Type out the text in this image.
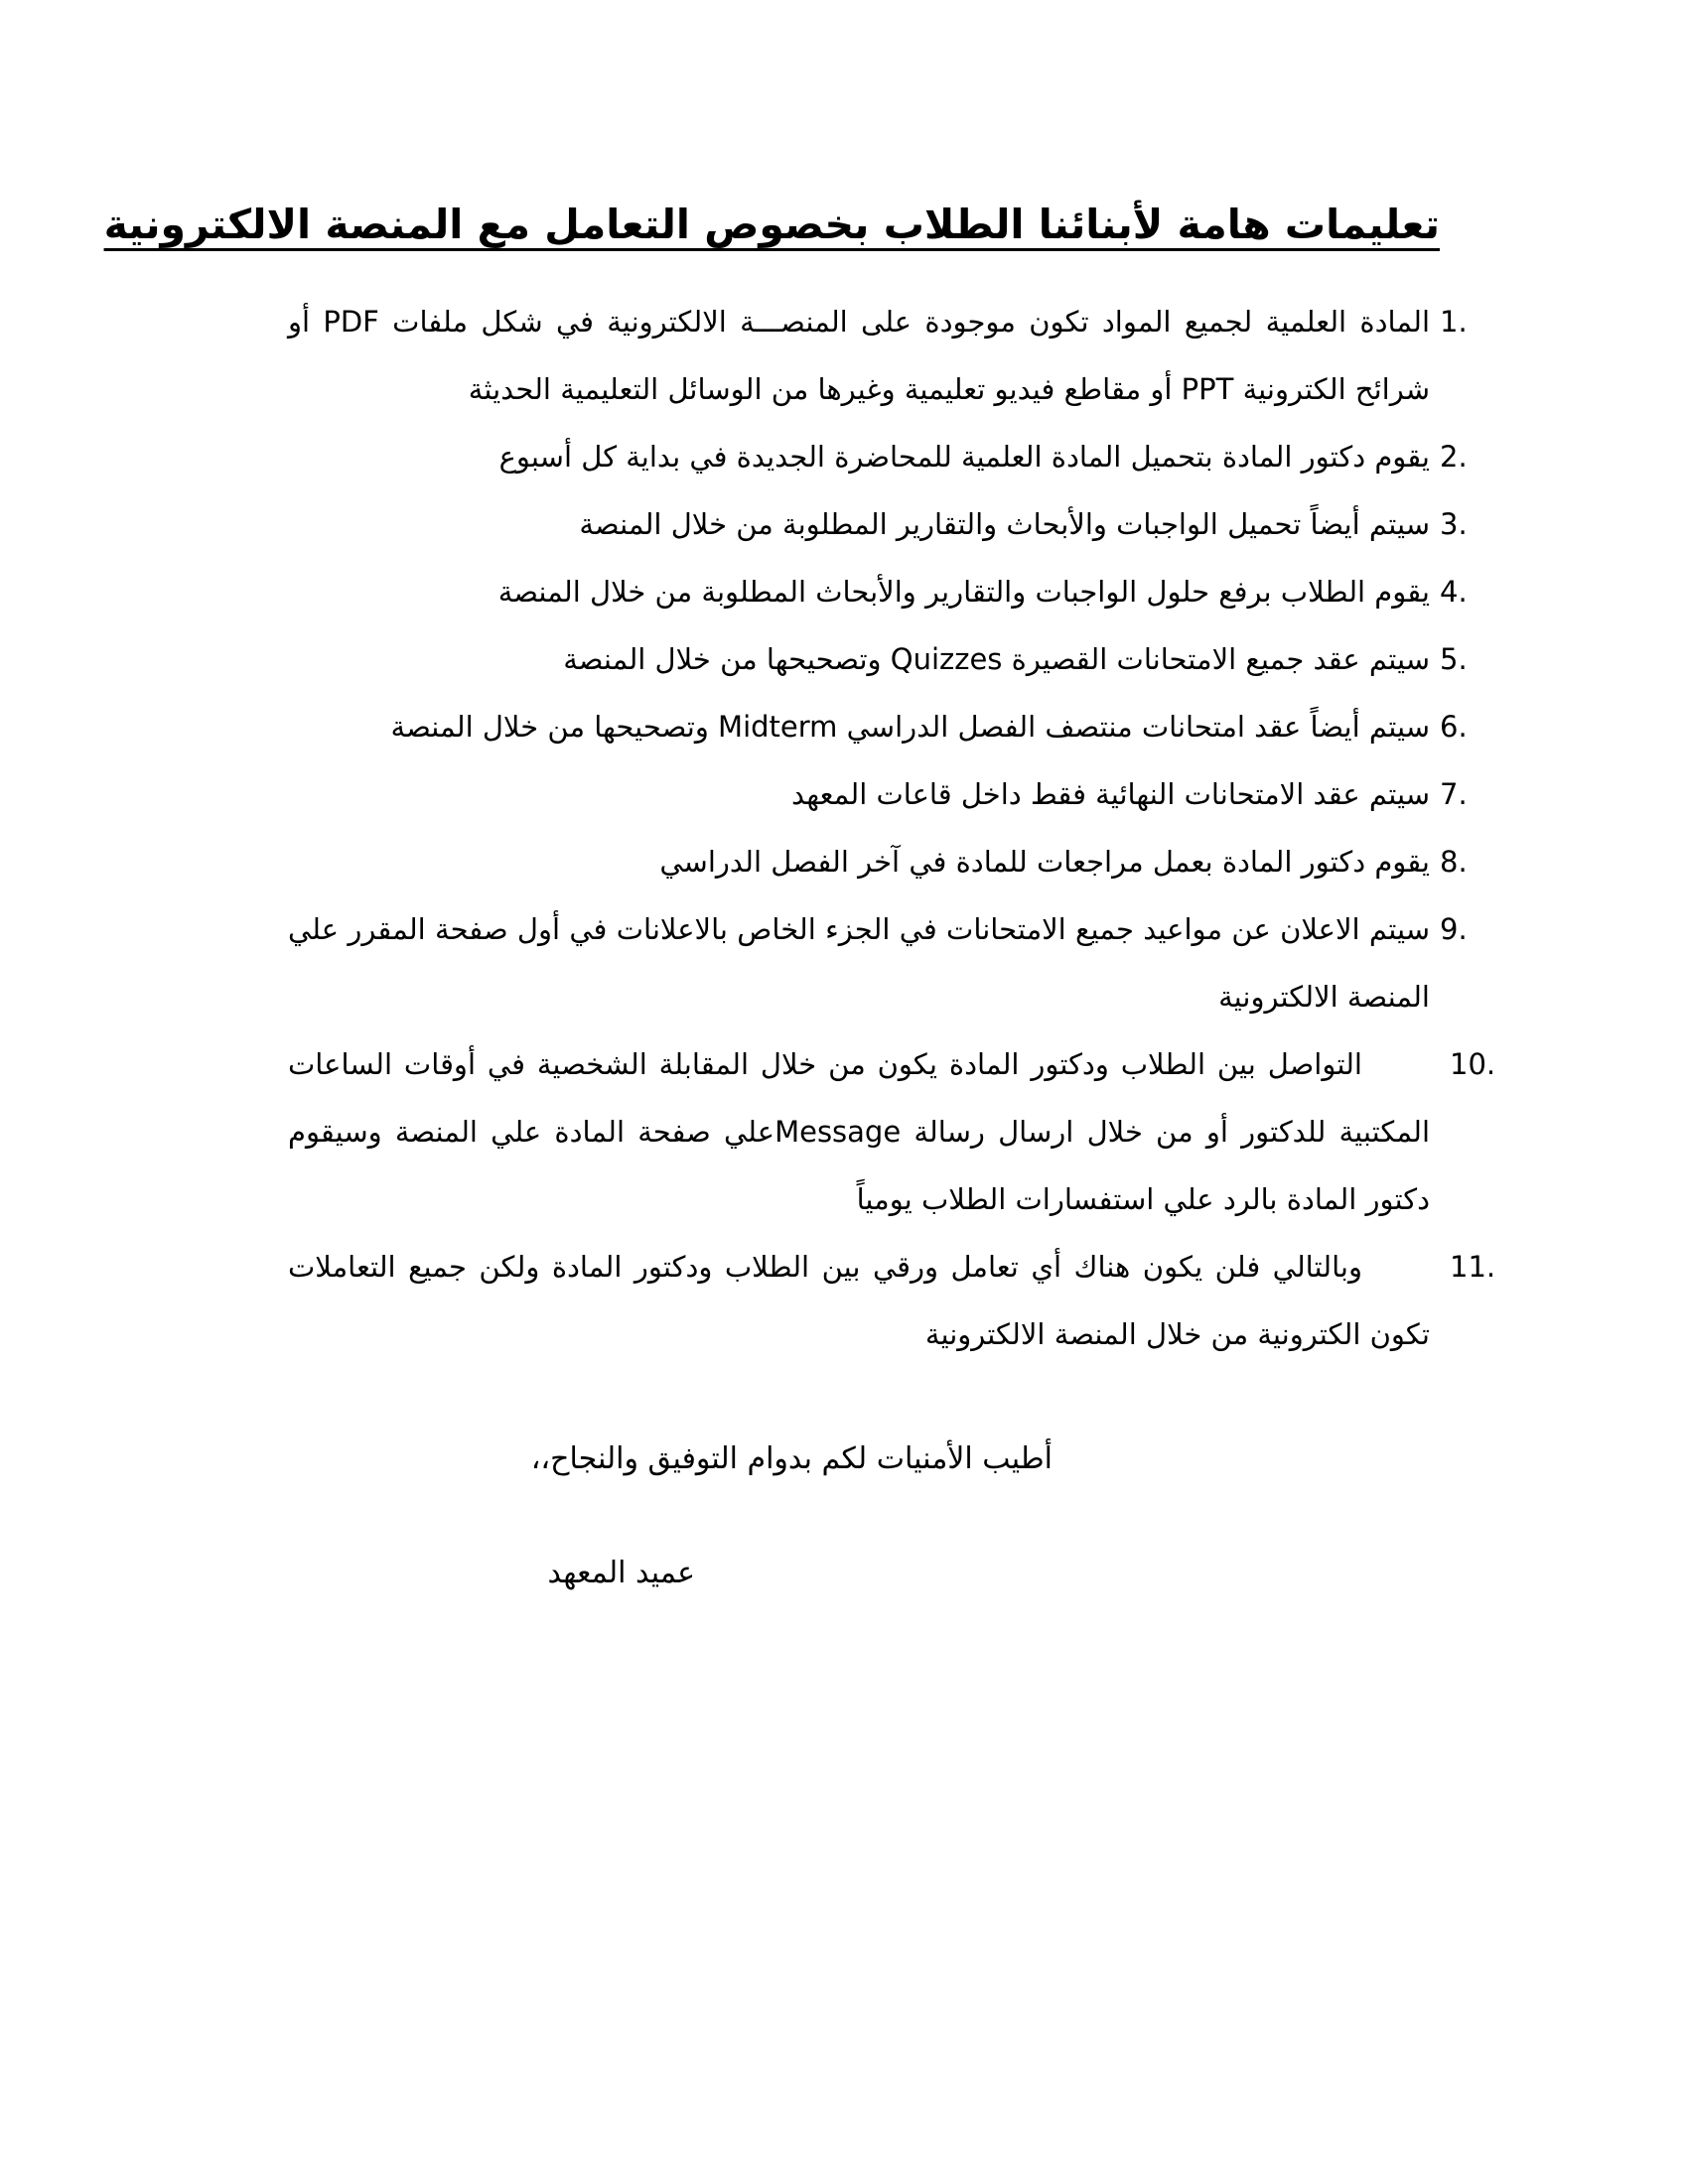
تعليمات هامة لأبنائنا الطلاب بخصوص التعامل مع المنصة الالكترونية
1.
المادة العلمية لجميع المواد تكون موجودة على المنصـــة الالكترونية في شكل ملفات PDF أو شرائح الكترونية PPT أو مقاطع فيديو تعليمية وغيرها من الوسائل التعليمية الحديثة
2.
يقوم دكتور المادة بتحميل المادة العلمية للمحاضرة الجديدة في بداية كل أسبوع
3.
سيتم أيضاً تحميل الواجبات والأبحاث والتقارير المطلوبة من خلال المنصة
4.
يقوم الطلاب برفع حلول الواجبات والتقارير والأبحاث المطلوبة من خلال المنصة
5.
سيتم عقد جميع الامتحانات القصيرة Quizzes وتصحيحها من خلال المنصة
6.
سيتم أيضاً عقد امتحانات منتصف الفصل الدراسي Midterm وتصحيحها من خلال المنصة
7.
سيتم عقد الامتحانات النهائية فقط داخل قاعات المعهد
8.
يقوم دكتور المادة بعمل مراجعات للمادة في آخر الفصل الدراسي
9.
سيتم الاعلان عن مواعيد جميع الامتحانات في الجزء الخاص بالاعلانات في أول صفحة المقرر علي المنصة الالكترونية
10.
التواصل بين الطلاب ودكتور المادة يكون من خلال المقابلة الشخصية في أوقات الساعات المكتبية للدكتور أو من خلال ارسال رسالة Messageعلي صفحة المادة علي المنصة وسيقوم دكتور المادة بالرد علي استفسارات الطلاب يومياً
11.
وبالتالي فلن يكون هناك أي تعامل ورقي بين الطلاب ودكتور المادة ولكن جميع التعاملات تكون الكترونية من خلال المنصة الالكترونية

أطيب الأمنيات لكم بدوام التوفيق والنجاح،،

عميد المعهد
